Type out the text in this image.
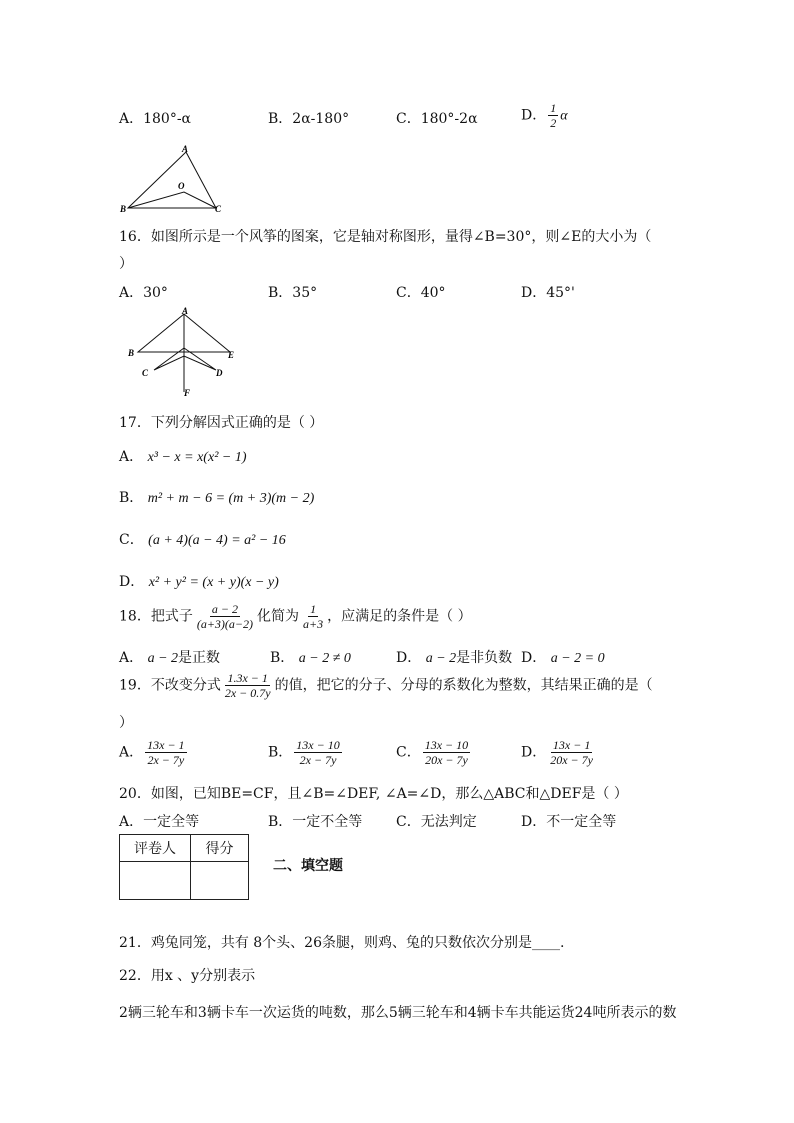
A．180°-α	B．2α-180°	C．180°-2α	D． $\frac{1}{2}$ α
A
B	C
O
16．如图所示是一个风筝的图案，它是轴对称图形，量得∠B=30°，则∠E的大小为（
）
A．30°	B．35°	C．40°	D．45°'
A
B
C	D
E
F
17．下列分解因式正确的是（ ）
A． x³ − x = x(x² − 1)
B． m² + m − 6 = (m + 3)(m − 2)
C． (a + 4)(a − 4) = a² − 16
D． x² + y² = (x + y)(x − y)
18．把式子 $\frac{a - 2}{(a+3)(a-2)}$ 化简为 $\frac{1}{a+3}$ ，应满足的条件是（ ）
A． a − 2是正数	B． a − 2 ≠ 0	D． a − 2是非负数 D． a − 2 = 0
19．不改变分式 $\frac{1.3x - 1}{2x - 0.7y}$ 的值，把它的分子、分母的系数化为整数，其结果正确的是（
）
A． $\frac{13x - 1}{2x - 7y}$	B． $\frac{13x - 10}{2x - 7y}$	C． $\frac{13x - 10}{20x - 7y}$	D． $\frac{13x - 1}{20x - 7y}$
20．如图，已知BE=CF，且∠B=∠DEF, ∠A=∠D，那么△ABC和△DEF是（ ）
A．一定全等	B．一定不全等 C．无法判定	D．不一定全等
评卷人	得分

二、填空题
21．鸡兔同笼，共有 8个头、26条腿，则鸡、兔的只数依次分别是____.
22．用x 、y分别表示
2辆三轮车和3辆卡车一次运货的吨数，那么5辆三轮车和4辆卡车共能运货24吨所表示的数
